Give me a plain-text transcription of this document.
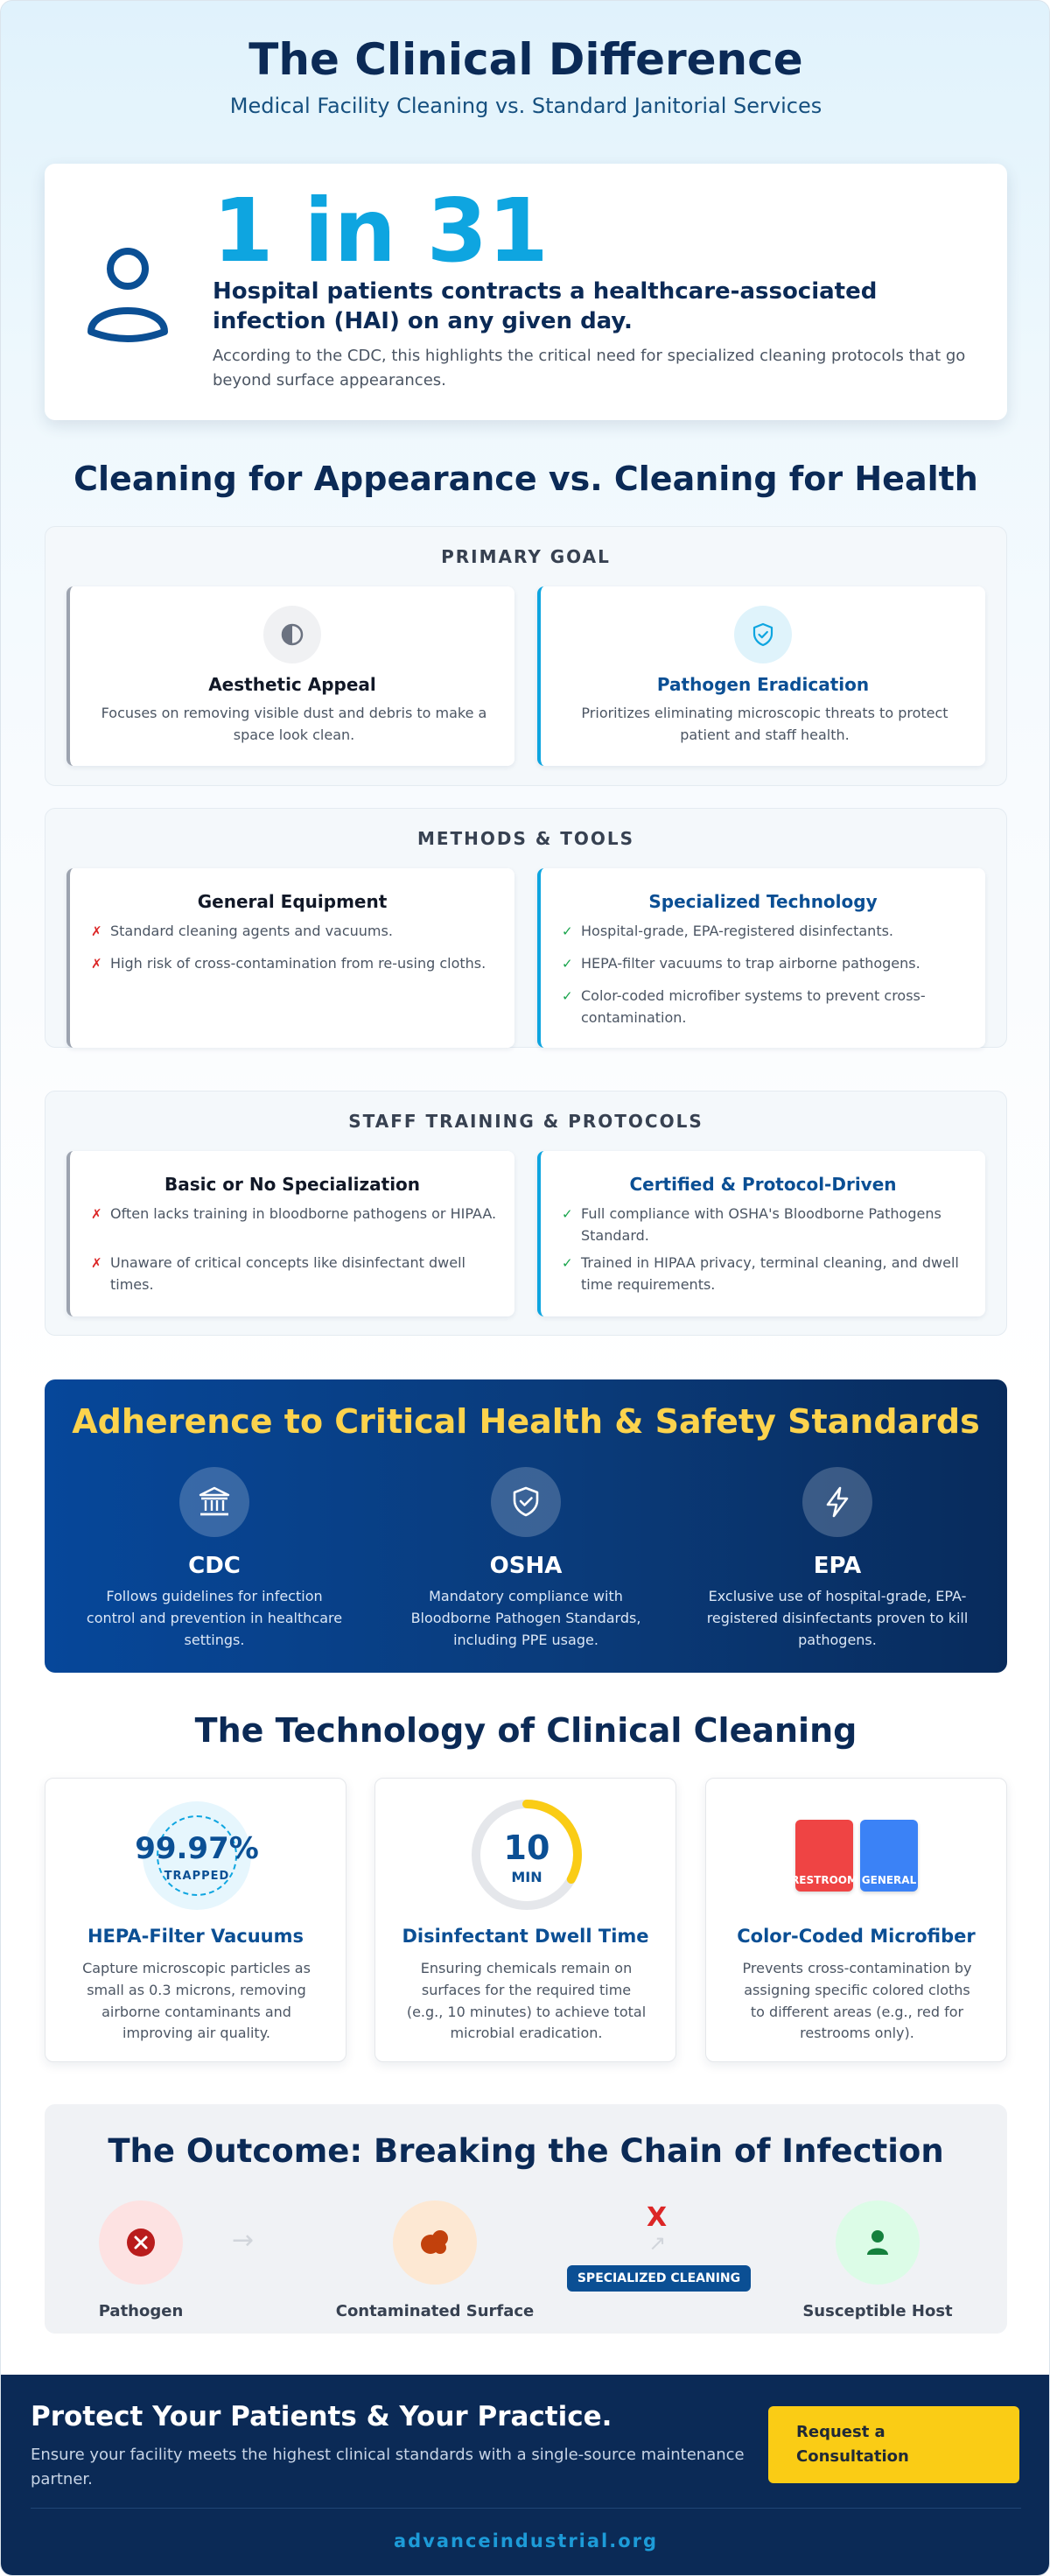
The Clinical Difference
Medical Facility Cleaning vs. Standard Janitorial Services
1 in 31
Hospital patients contracts a healthcare-associated infection (HAI) on any given day.
According to the CDC, this highlights the critical need for specialized cleaning protocols that go beyond surface appearances.
Cleaning for Appearance vs. Cleaning for Health
PRIMARY GOAL
Aesthetic Appeal
Focuses on removing visible dust and debris to make a space look clean.
Pathogen Eradication
Prioritizes eliminating microscopic threats to protect patient and staff health.
METHODS & TOOLS
General Equipment
✗ Standard cleaning agents and vacuums.
✗ High risk of cross-contamination from re-using cloths.
Specialized Technology
✓ Hospital-grade, EPA-registered disinfectants.
✓ HEPA-filter vacuums to trap airborne pathogens.
✓ Color-coded microfiber systems to prevent cross-contamination.
STAFF TRAINING & PROTOCOLS
Basic or No Specialization
✗ Often lacks training in bloodborne pathogens or HIPAA.
✗ Unaware of critical concepts like disinfectant dwell times.
Certified & Protocol-Driven
✓ Full compliance with OSHA's Bloodborne Pathogens Standard.
✓ Trained in HIPAA privacy, terminal cleaning, and dwell time requirements.
Adherence to Critical Health & Safety Standards
CDC
Follows guidelines for infection control and prevention in healthcare settings.
OSHA
Mandatory compliance with Bloodborne Pathogen Standards, including PPE usage.
EPA
Exclusive use of hospital-grade, EPA-registered disinfectants proven to kill pathogens.
The Technology of Clinical Cleaning
99.97%
TRAPPED
HEPA-Filter Vacuums
Capture microscopic particles as small as 0.3 microns, removing airborne contaminants and improving air quality.
10
MIN
Disinfectant Dwell Time
Ensuring chemicals remain on surfaces for the required time (e.g., 10 minutes) to achieve total microbial eradication.
RESTROOM GENERAL
Color-Coded Microfiber
Prevents cross-contamination by assigning specific colored cloths to different areas (e.g., red for restrooms only).
The Outcome: Breaking the Chain of Infection
Pathogen
→
Contaminated Surface
X
→
SPECIALIZED CLEANING
Susceptible Host
Protect Your Patients & Your Practice.
Ensure your facility meets the highest clinical standards with a single-source maintenance partner.
Request a Consultation
advanceindustrial.org
